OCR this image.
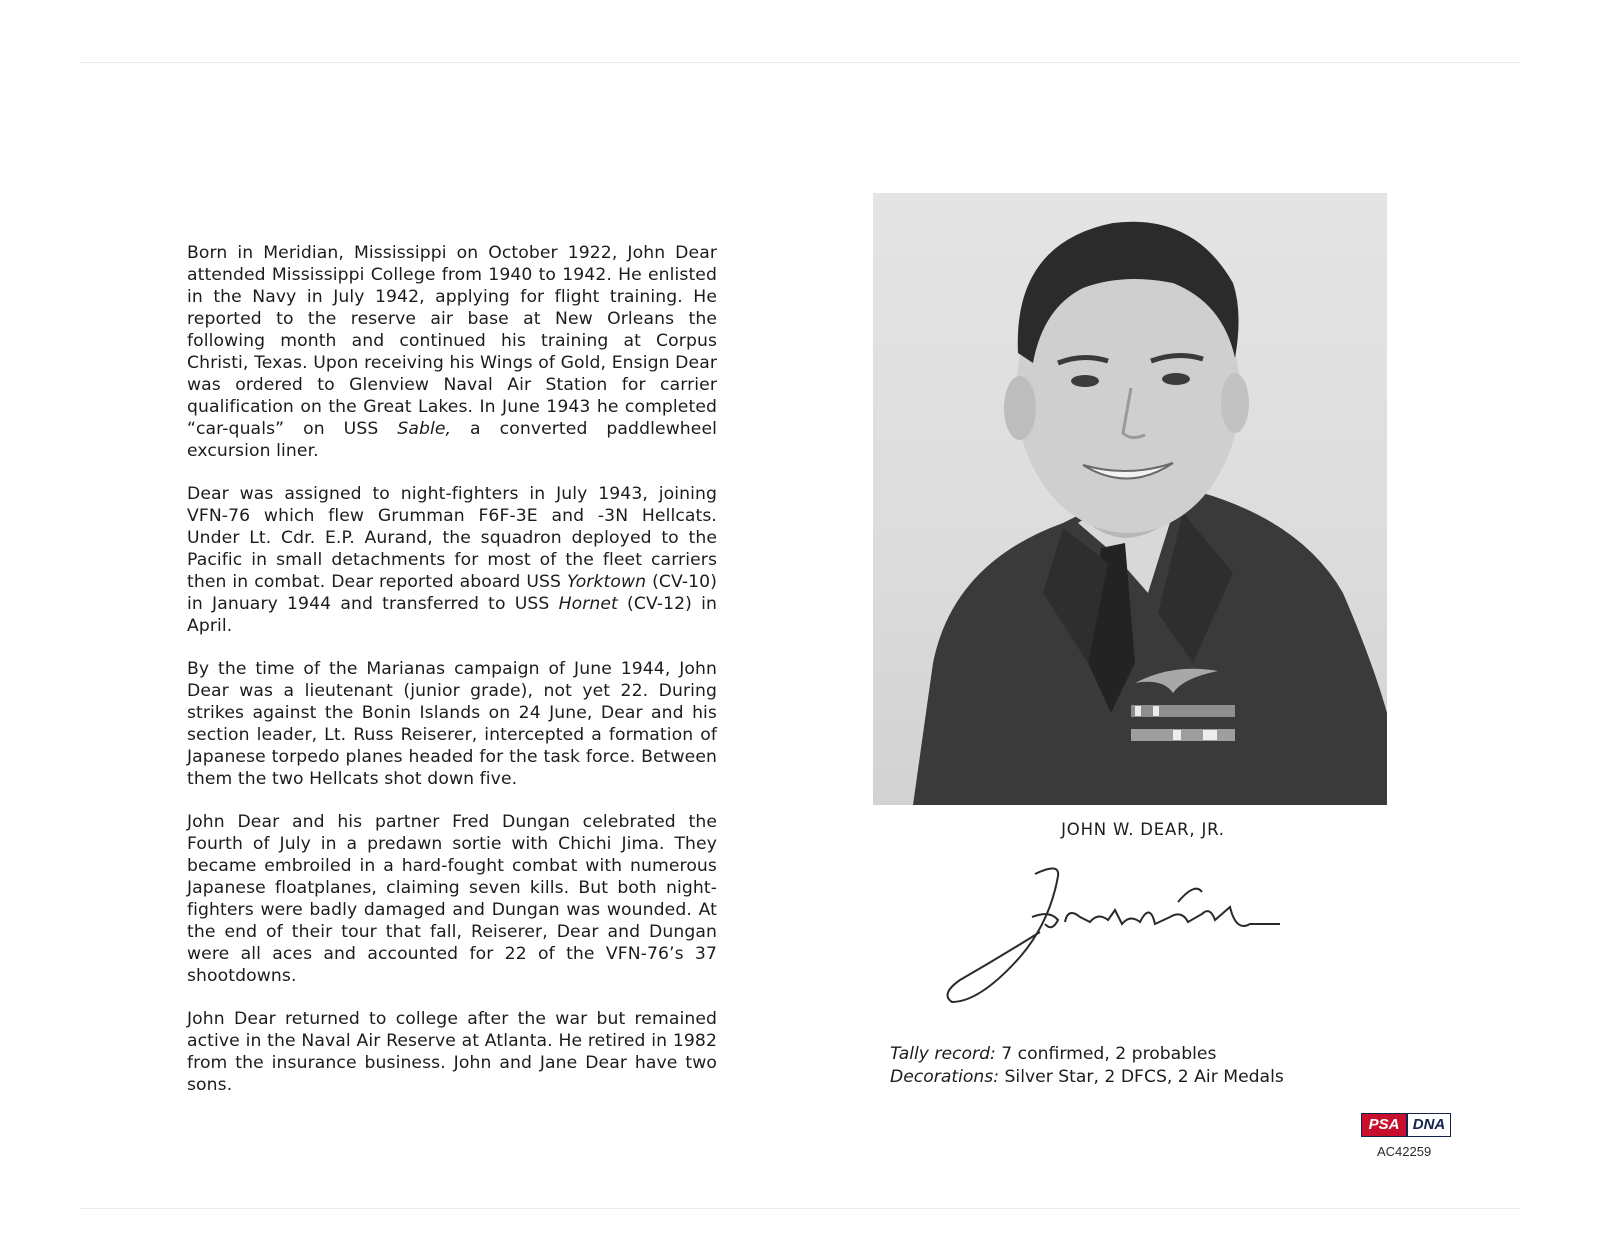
Born in Meridian, Mississippi on October 1922, John Dear attended Mississippi College from 1940 to 1942. He enlisted in the Navy in July 1942, applying for flight training. He reported to the reserve air base at New Orleans the following month and continued his training at Corpus Christi, Texas. Upon receiving his Wings of Gold, Ensign Dear was ordered to Glenview Naval Air Station for carrier qualification on the Great Lakes. In June 1943 he completed “car-quals” on USS Sable, a converted paddlewheel excursion liner.

Dear was assigned to night-fighters in July 1943, joining VFN-76 which flew Grumman F6F-3E and -3N Hellcats. Under Lt. Cdr. E.P. Aurand, the squadron deployed to the Pacific in small detachments for most of the fleet carriers then in combat. Dear reported aboard USS Yorktown (CV-10) in January 1944 and transferred to USS Hornet (CV-12) in April.

By the time of the Marianas campaign of June 1944, John Dear was a lieutenant (junior grade), not yet 22. During strikes against the Bonin Islands on 24 June, Dear and his section leader, Lt. Russ Reiserer, intercepted a formation of Japanese torpedo planes headed for the task force. Between them the two Hellcats shot down five.

John Dear and his partner Fred Dungan celebrated the Fourth of July in a predawn sortie with Chichi Jima. They became embroiled in a hard-fought combat with numerous Japanese floatplanes, claiming seven kills. But both night-fighters were badly damaged and Dungan was wounded. At the end of their tour that fall, Reiserer, Dear and Dungan were all aces and accounted for 22 of the VFN-76’s 37 shootdowns.

John Dear returned to college after the war but remained active in the Naval Air Reserve at Atlanta. He retired in 1982 from the insurance business. John and Jane Dear have two sons.

JOHN W. DEAR, JR.
Tally record: 7 confirmed, 2 probables
Decorations: Silver Star, 2 DFCS, 2 Air Medals
PSA DNA
AC42259
